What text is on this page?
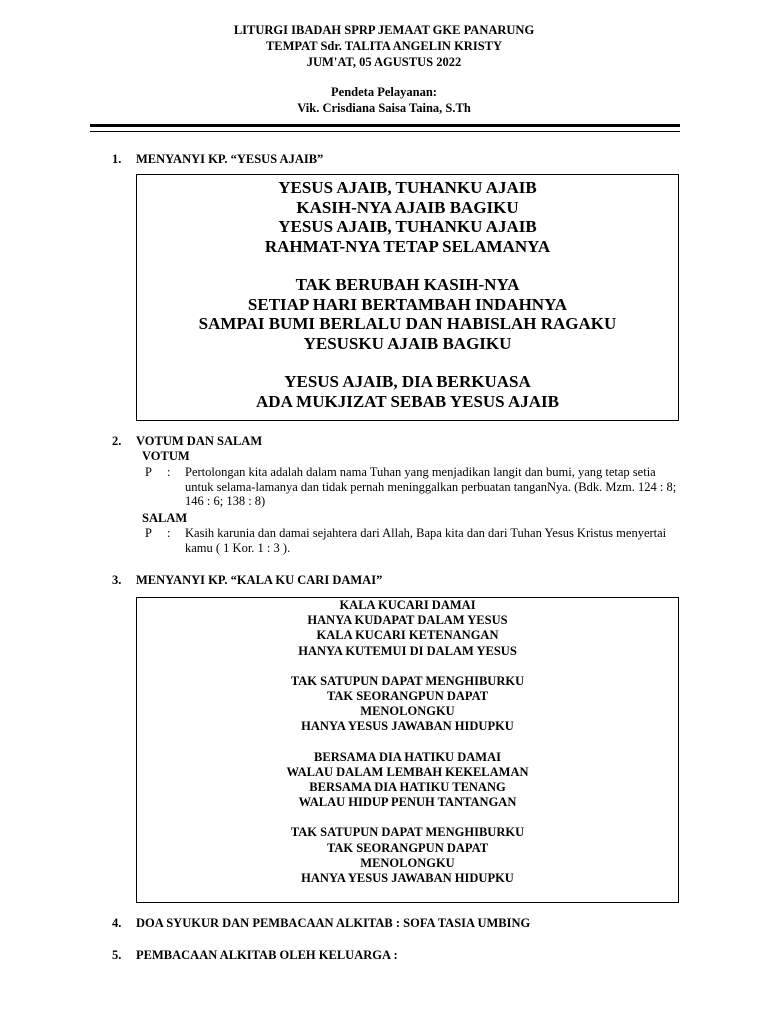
LITURGI IBADAH SPRP JEMAAT GKE PANARUNG
TEMPAT Sdr. TALITA ANGELIN KRISTY
JUM'AT, 05 AGUSTUS 2022
Pendeta Pelayanan:
Vik. Crisdiana Saisa Taina, S.Th
1. MENYANYI KP. “YESUS AJAIB”
YESUS AJAIB, TUHANKU AJAIB
KASIH-NYA AJAIB BAGIKU
YESUS AJAIB, TUHANKU AJAIB
RAHMAT-NYA TETAP SELAMANYA
TAK BERUBAH KASIH-NYA
SETIAP HARI BERTAMBAH INDAHNYA
SAMPAI BUMI BERLALU DAN HABISLAH RAGAKU
YESUSKU AJAIB BAGIKU
YESUS AJAIB, DIA BERKUASA
ADA MUKJIZAT SEBAB YESUS AJAIB
2. VOTUM DAN SALAM
VOTUM
P : Pertolongan kita adalah dalam nama Tuhan yang menjadikan langit dan bumi, yang tetap setia untuk selama-lamanya dan tidak pernah meninggalkan perbuatan tanganNya. (Bdk. Mzm. 124 : 8; 146 : 6; 138 : 8)
SALAM
P : Kasih karunia dan damai sejahtera dari Allah, Bapa kita dan dari Tuhan Yesus Kristus menyertai kamu ( 1 Kor. 1 : 3 ).
3. MENYANYI KP. “KALA KU CARI DAMAI”
KALA KUCARI DAMAI
HANYA KUDAPAT DALAM YESUS
KALA KUCARI KETENANGAN
HANYA KUTEMUI DI DALAM YESUS
TAK SATUPUN DAPAT MENGHIBURKU
TAK SEORANGPUN DAPAT
MENOLONGKU
HANYA YESUS JAWABAN HIDUPKU
BERSAMA DIA HATIKU DAMAI
WALAU DALAM LEMBAH KEKELAMAN
BERSAMA DIA HATIKU TENANG
WALAU HIDUP PENUH TANTANGAN
TAK SATUPUN DAPAT MENGHIBURKU
TAK SEORANGPUN DAPAT
MENOLONGKU
HANYA YESUS JAWABAN HIDUPKU
4. DOA SYUKUR DAN PEMBACAAN ALKITAB : SOFA TASIA UMBING
5. PEMBACAAN ALKITAB OLEH KELUARGA :
